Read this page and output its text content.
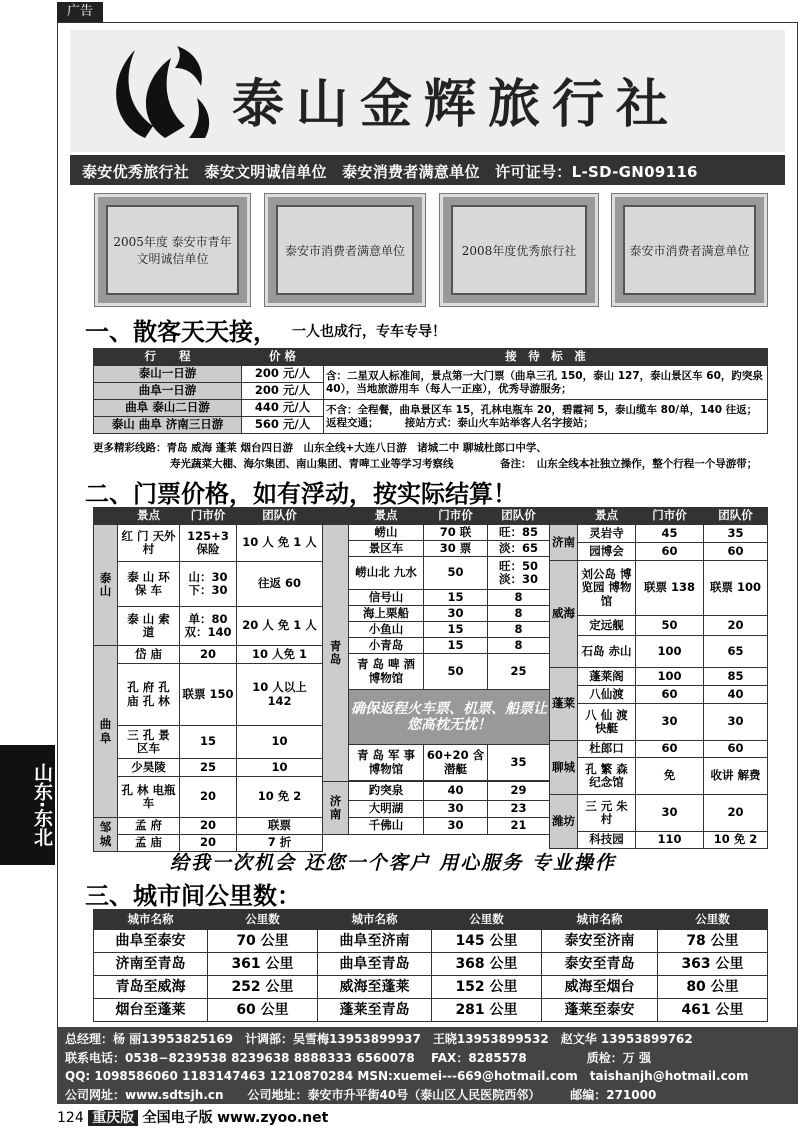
广告
山东·东北
泰山金辉旅行社
泰安优秀旅行社　泰安文明诚信单位　泰安消费者满意单位　许可证号：L-SD-GN09116
2005年度 泰安市青年文明诚信单位
泰安市消费者满意单位	2008年度优秀旅行社	泰安市消费者满意单位
一、散客天天接， 一人也成行，专车专导！
行　　程	价 格	接　待　标　准
泰山一日游	200 元/人	含：二星双人标准间，景点第一大门票（曲阜三孔 150，泰山 127，泰山景区车 60，趵突泉 40），当地旅游用车（每人一正座），优秀导游服务；
曲阜一日游	200 元/人	
曲阜 泰山二日游	440 元/人	不含：全程餐，曲阜景区车 15，孔林电瓶车 20，碧霞祠 5，泰山缆车 80/单，140 往返；返程交通；　　　接站方式：泰山火车站举客人名字接站；
泰山 曲阜 济南三日游	560 元/人	
更多精彩线路：青岛 威海 蓬莱 烟台四日游　山东全线+大连八日游　诸城二中 聊城杜郎口中学、
寿光蔬菜大棚、海尔集团、南山集团、青啤工业等学习考察线	备注：　山东全线本社独立操作，整个行程一个导游带；
二、门票价格，如有浮动，按实际结算！
	景点	门市价	团队价
泰山	红 门 天外村	125+3 保险	10 人 免 1 人
	泰 山 环 保 车	山：30 下：30	往返 60
	泰 山 索 道	单：80 双：140	20 人 免 1 人
曲阜	岱 庙	20	10 人免 1
	孔 府 孔 庙 孔 林	联票 150	10 人以上 142
	三 孔 景 区车	15	10
	少昊陵	25	10
	孔 林 电瓶车	20	10 免 2
邹城	孟 府	20	联票
	孟 庙	20	7 折
	景点	门市价	团队价
青岛	崂山	70 联	旺：85
	景区车	30 票	淡：65
	崂山北 九水	50	旺：50 淡：30
	信号山	15	8
	海上栗船	30	8
	小鱼山	15	8
	小青岛	15	8
	青 岛 啤 酒 博物馆	50	25
	确保返程火车票、机票、船票让您高枕无忧！		
	青 岛 军 事 博物馆	60+20 含潜艇	35

济南	趵突泉	40	29
	大明湖	30	23
	千佛山	30	21
	景点	门市价	团队价
济南	灵岩寺	45	35
	园博会	60	60
威海	刘公岛 博览园 博物馆	联票 138	联票 100
	定远舰	50	20
	石岛 赤山	100	65
蓬莱	蓬莱阁	100	85
	八仙渡	60	40
	八 仙 渡 快艇	30	30
聊城	杜郎口	60	60
	孔 繁 森 纪念馆	免	收讲 解费
潍坊	三 元 朱 村	30	20
	科技园	110	10 免 2
给我一次机会 还您一个客户 用心服务 专业操作
三、城市间公里数：
城市名称	公里数	城市名称	公里数	城市名称	公里数
曲阜至泰安	70 公里	曲阜至济南	145 公里	泰安至济南	78 公里
济南至青岛	361 公里	曲阜至青岛	368 公里	泰安至青岛	363 公里
青岛至威海	252 公里	威海至蓬莱	152 公里	威海至烟台	80 公里
烟台至蓬莱	60 公里	蓬莱至青岛	281 公里	蓬莱至泰安	461 公里
总经理：杨 丽13953825169　计调部：吴雪梅13953899937　王晓13953899532　赵文华 13953899762
联系电话：0538−8239538 8239638 8888333 6560078　 FAX：8285578　　　　　质检：万 强
QQ: 1098586060 1183147463 1210870284 MSN:xuemei---669@hotmail.com　taishanjh@hotmail.com
公司网址：www.sdtsjh.cn　　公司地址：泰安市升平街40号（泰山区人民医院西邻）　　　邮编：271000
124 重庆版 全国电子版 www.zyoo.net
